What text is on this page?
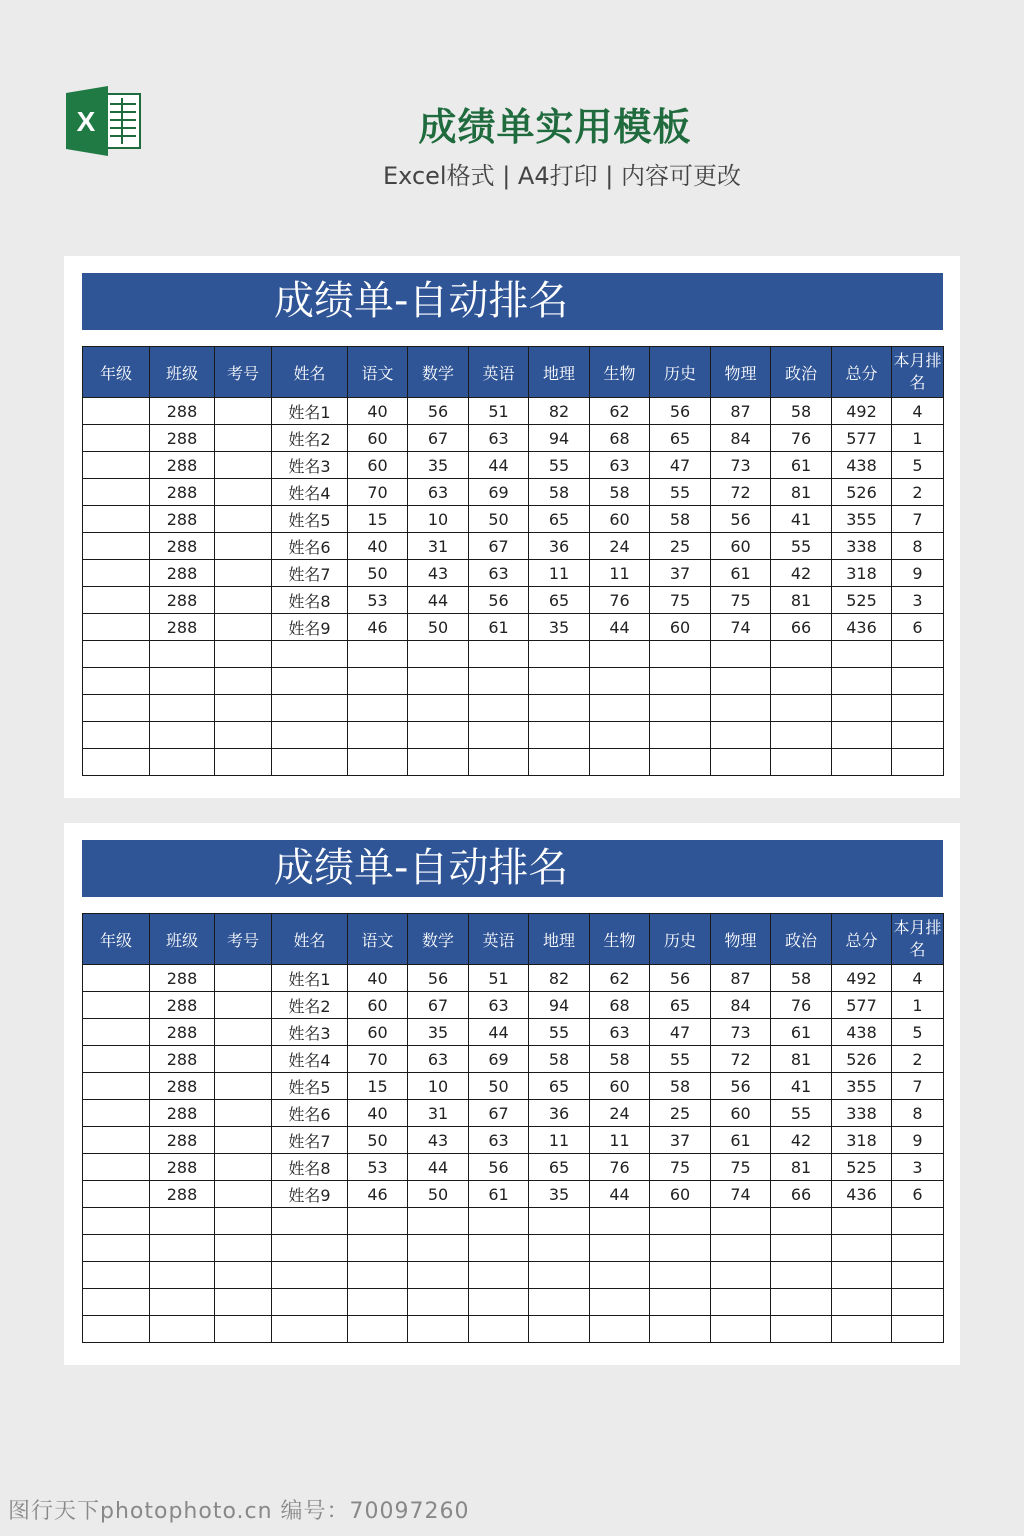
X	成绩单实用模板
Excel格式 | A4打印 | 内容可更改
成绩单-自动排名
年级	班级	考号	姓名	语文	数学	英语	地理	生物	历史	物理	政治	总分	本月排名
	288		姓名1	40	56	51	82	62	56	87	58	492	4
	288		姓名2	60	67	63	94	68	65	84	76	577	1
	288		姓名3	60	35	44	55	63	47	73	61	438	5
	288		姓名4	70	63	69	58	58	55	72	81	526	2
	288		姓名5	15	10	50	65	60	58	56	41	355	7
	288		姓名6	40	31	67	36	24	25	60	55	338	8
	288		姓名7	50	43	63	11	11	37	61	42	318	9
	288		姓名8	53	44	56	65	76	75	75	81	525	3
	288		姓名9	46	50	61	35	44	60	74	66	436	6

成绩单-自动排名
年级	班级	考号	姓名	语文	数学	英语	地理	生物	历史	物理	政治	总分	本月排名
	288		姓名1	40	56	51	82	62	56	87	58	492	4
	288		姓名2	60	67	63	94	68	65	84	76	577	1
	288		姓名3	60	35	44	55	63	47	73	61	438	5
	288		姓名4	70	63	69	58	58	55	72	81	526	2
	288		姓名5	15	10	50	65	60	58	56	41	355	7
	288		姓名6	40	31	67	36	24	25	60	55	338	8
	288		姓名7	50	43	63	11	11	37	61	42	318	9
	288		姓名8	53	44	56	65	76	75	75	81	525	3
	288		姓名9	46	50	61	35	44	60	74	66	436	6

图行天下photophoto.cn 编号：70097260
